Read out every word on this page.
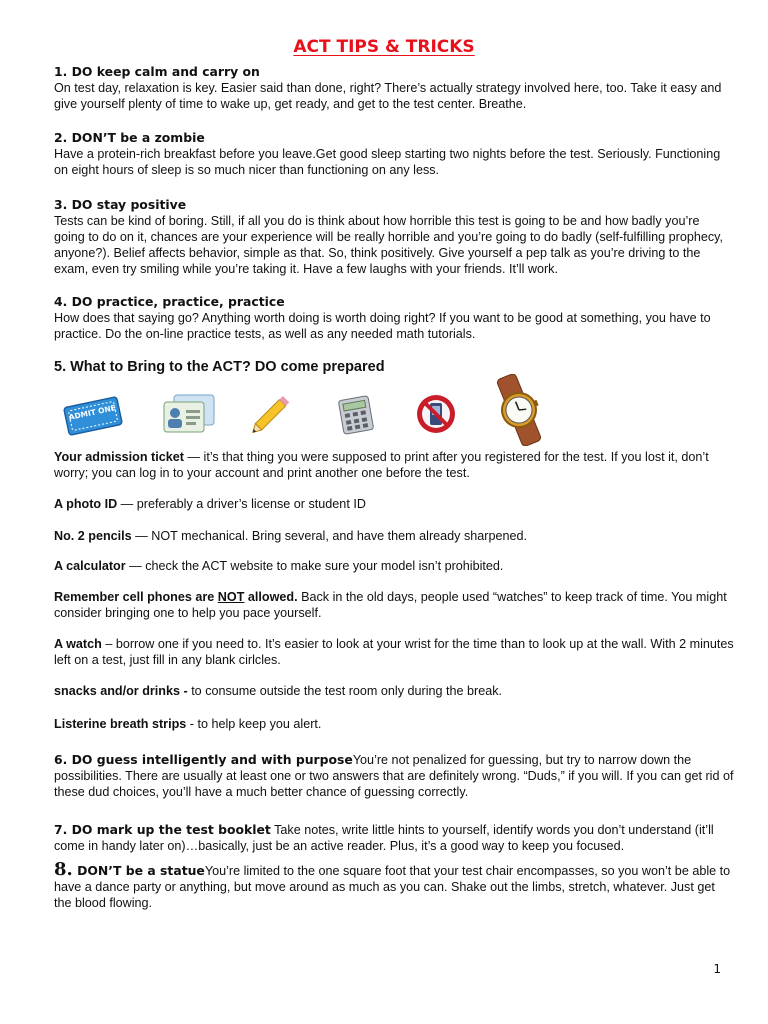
ACT TIPS & TRICKS
1. DO keep calm and carry on
On test day, relaxation is key. Easier said than done, right? There’s actually strategy involved here, too. Take it easy and give yourself plenty of time to wake up, get ready, and get to the test center. Breathe.
2. DON’T be a zombie
Have a protein-rich breakfast before you leave.Get good sleep starting two nights before the test. Seriously. Functioning on eight hours of sleep is so much nicer than functioning on any less.
3. DO stay positive
Tests can be kind of boring. Still, if all you do is think about how horrible this test is going to be and how badly you’re going to do on it, chances are your experience will be really horrible and you’re going to do badly (self-fulfilling prophecy, anyone?). Belief affects behavior, simple as that. So, think positively. Give yourself a pep talk as you’re driving to the exam, even try smiling while you’re taking it. Have a few laughs with your friends. It’ll work.
4. DO practice, practice, practice
How does that saying go? Anything worth doing is worth doing right? If you want to be good at something, you have to practice. Do the on-line practice tests, as well as any needed math tutorials.
5. What to Bring to the ACT? DO come prepared
ADMIT ONE
Your admission ticket — it’s that thing you were supposed to print after you registered for the test. If you lost it, don’t worry; you can log in to your account and print another one before the test.
A photo ID — preferably a driver’s license or student ID
No. 2 pencils — NOT mechanical. Bring several, and have them already sharpened.
A calculator — check the ACT website to make sure your model isn’t prohibited.
Remember cell phones are NOT allowed. Back in the old days, people used “watches” to keep track of time. You might consider bringing one to help you pace yourself.
A watch – borrow one if you need to. It’s easier to look at your wrist for the time than to look up at the wall. With 2 minutes left on a test, just fill in any blank cirlcles.
snacks and/or drinks - to consume outside the test room only during the break.
Listerine breath strips - to help keep you alert.
6. DO guess intelligently and with purposeYou’re not penalized for guessing, but try to narrow down the possibilities. There are usually at least one or two answers that are definitely wrong. “Duds,” if you will. If you can get rid of these dud choices, you’ll have a much better chance of guessing correctly.
7. DO mark up the test booklet Take notes, write little hints to yourself, identify words you don’t understand (it’ll come in handy later on)…basically, just be an active reader. Plus, it’s a good way to keep you focused.
8. DON’T be a statueYou’re limited to the one square foot that your test chair encompasses, so you won’t be able to have a dance party or anything, but move around as much as you can. Shake out the limbs, stretch, whatever. Just get the blood flowing.
1
